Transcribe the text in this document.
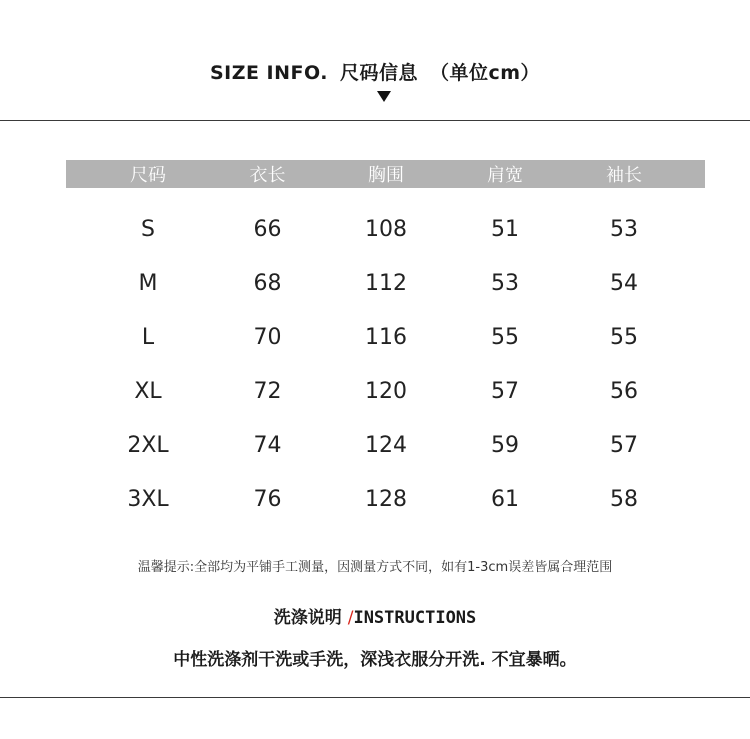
SIZE INFO. 尺码信息 （单位cm）
尺码	衣长	胸围	肩宽	袖长
S	66	108	51	53
M	68	112	53	54
L	70	116	55	55
XL	72	120	57	56
2XL	74	124	59	57
3XL	76	128	61	58
温馨提示:全部均为平铺手工测量，因测量方式不同，如有1-3cm误差皆属合理范围
洗涤说明 /INSTRUCTIONS
中性洗涤剂干洗或手洗，深浅衣服分开洗. 不宜暴晒。
